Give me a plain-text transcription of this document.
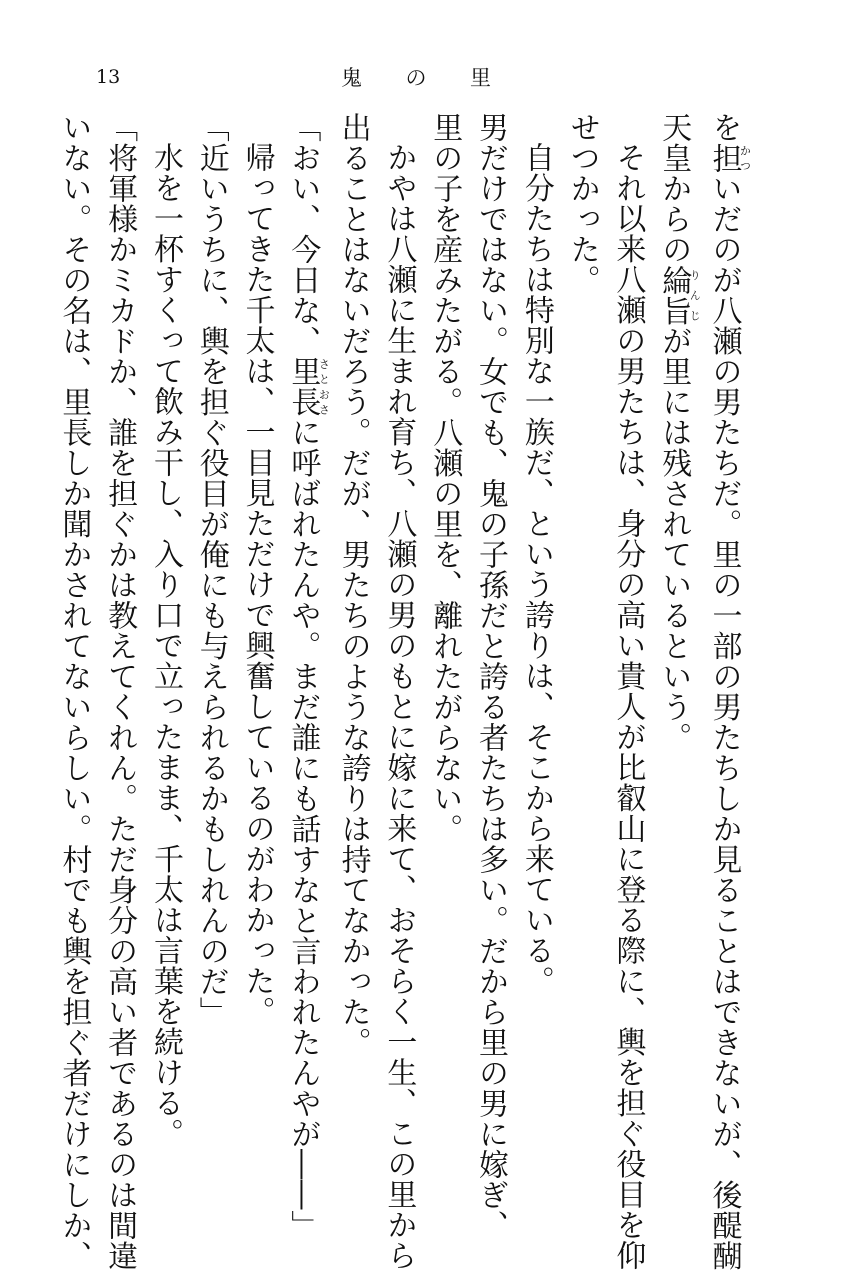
13	鬼 の 里
を担かついだのが八瀬の男たちだ。里の一部の男たちしか見ることはできないが、後醍醐
天皇からの綸旨りんじが里には残されているという。
それ以来八瀬の男たちは、身分の高い貴人が比叡山に登る際に、輿を担ぐ役目を仰
せつかった。
自分たちは特別な一族だ、という誇りは、そこから来ている。
男だけではない。女でも、鬼の子孫だと誇る者たちは多い。だから里の男に嫁ぎ、
里の子を産みたがる。八瀬の里を、離れたがらない。
かやは八瀬に生まれ育ち、八瀬の男のもとに嫁に来て、おそらく一生、この里から
出ることはないだろう。だが、男たちのような誇りは持てなかった。
「おい、今日な、里長さとおさに呼ばれたんや。まだ誰にも話すなと言われたんやが――」
帰ってきた千太は、一目見ただけで興奮しているのがわかった。
「近いうちに、輿を担ぐ役目が俺にも与えられるかもしれんのだ」
水を一杯すくって飲み干し、入り口で立ったまま、千太は言葉を続ける。
「将軍様かミカドか、誰を担ぐかは教えてくれん。ただ身分の高い者であるのは間違
いない。その名は、里長しか聞かされてないらしい。村でも輿を担ぐ者だけにしか、
